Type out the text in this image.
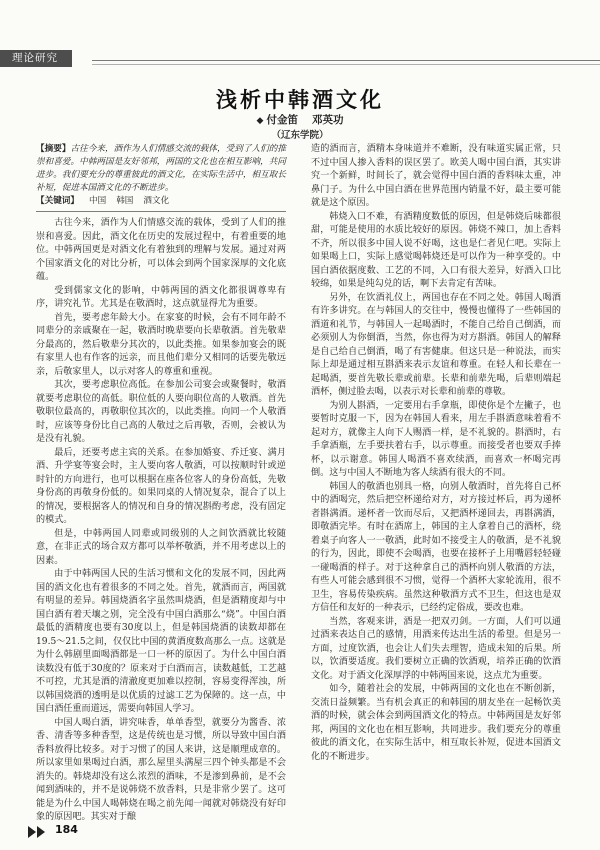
理论研究
浅析中韩酒文化
◆ 付金笛 邓英功
（辽东学院）

【摘要】古往今来，酒作为人们情感交流的载体，受到了人们的推崇和喜爱。中韩两国是友好邻邦，两国的文化也在相互影响，共同进步。我们要充分的尊重彼此的酒文化，在实际生活中，相互取长补短，促进本国酒文化的不断进步。

【关键词】 中国 韩国 酒文化

古往今来，酒作为人们情感交流的载体，受到了人们的推崇和喜爱。因此，酒文化在历史的发展过程中，有着重要的地位。中韩两国更是对酒文化有着独到的理解与发展。通过对两个国家酒文化的对比分析，可以体会到两个国家深厚的文化底蕴。

受到儒家文化的影响，中韩两国的酒文化都很调尊卑有序，讲究礼节。尤其是在敬酒时，这点就显得尤为重要。

首先，要考虑年龄大小。在家宴的时候，会有不同年龄不同辈分的亲戚聚在一起，敬酒时晚辈要向长辈敬酒。首先敬辈分最高的，然后敬辈分其次的，以此类推。如果参加宴会的既有家里人也有作客的远亲，而且他们辈分又相同的话要先敬远亲，后敬家里人，以示对客人的尊重和重视。

其次，要考虑职位高低。在参加公司宴会或聚餐时，敬酒就要考虑职位的高低。职位低的人要向职位高的人敬酒。首先敬职位最高的，再敬职位其次的，以此类推。向同一个人敬酒时，应该等身份比自己高的人敬过之后再敬，否则，会被认为是没有礼貌。

最后，还要考虑主宾的关系。在参加婚宴、乔迁宴、满月酒、升学宴等宴会时，主人要向客人敬酒，可以按顺时针或逆时针的方向进行，也可以根据在座各位客人的身份高低，先敬身份高的再敬身份低的。如果同桌的人情况复杂，混合了以上的情况，要根据客人的情况和自身的情况斟酌考虑，没有固定的模式。

但是，中韩两国人同辈或同级别的人之间饮酒就比较随意，在非正式的场合双方都可以举杯敬酒，并不用考虑以上的因素。

由于中韩两国人民的生活习惯和文化的发展不同，因此两国的酒文化也有着很多的不同之处。首先，就酒而言，两国就有明显的差异。韩国烧酒名字虽然叫烧酒，但是酒精度却与中国白酒有着天壤之别，完全没有中国白酒那么“烧”。中国白酒最低的酒精度也要有30度以上，但是韩国烧酒的读数却都在19.5～21.5之间，仅仅比中国的黄酒度数高那么一点。这就是为什么韩剧里面喝酒都是一口一杯的原因了。为什么中国白酒读数没有低于30度的？原来对于白酒而言，读数越低，工艺越不可控，尤其是酒的清澈度更加难以控制，容易变得浑浊，所以韩国烧酒的透明是以优质的过滤工艺为保障的。这一点，中国白酒任重而道远，需要向韩国人学习。

中国人喝白酒，讲究味香，单单香型，就要分为酱香、浓香、清香等多种香型，这是传统也是习惯，所以导致中国白酒香料放得比较多。对于习惯了的国人来讲，这是顺理成章的。所以家里如果喝过白酒，那么屋里头满屋三四个钟头都是不会消失的。韩烧却没有这么浓烈的酒味，不是渗到鼻前，是不会闻到酒味的，并不是说韩烧不放香料，只是非常少罢了。这可能是为什么中国人喝韩烧在喝之前先闻一闻就对韩烧没有好印象的原因吧。其实对于酿

造的酒而言，酒精本身味道并不难断，没有味道实属正常，只不过中国人掺入香料的误区罢了。欧美人喝中国白酒，其实讲究一个新鲜，时间长了，就会觉得中国白酒的香料味太重，冲鼻门子。为什么中国白酒在世界范围内销量不好，最主要可能就是这个原因。

韩烧入口不难，有酒精度数低的原因，但是韩烧后味都很甜，可能是使用的水质比较好的原因。韩烧不辣口，加上香料不齐，所以很多中国人说不好喝，这也是仁者见仁吧。实际上如果喝上口，实际上感觉喝韩烧还是可以作为一种享受的。中国白酒依据度数、工艺的不同，入口有很大差异，好酒入口比较绵，如果是纯勾兑的话，啊下去肯定有苦味。

另外，在饮酒礼仪上，两国也存在不同之处。韩国人喝酒有许多讲究。在与韩国人的交往中，慢慢也懂得了一些韩国的酒道和礼节，与韩国人一起喝酒时，不能自己给自己倒酒，而必须别人为你倒酒，当然，你也得为对方斟酒。韩国人的解释是自己给自己倒酒，喝了有害健康。但这只是一种说法，而实际上却是通过相互斟酒来表示友谊和尊重。在轻人和长辈在一起喝酒，要首先敬长辈或前辈。长辈和前辈先喝，后辈则端起酒杯，侧过脸去喝，以表示对长辈和前辈的尊敬。

为别人斟酒，一定要用右手拿瓶，即使你是个左撇子，也要暂时克服一下，因为在韩国人看来，用左手斟酒意味着看不起对方，就像主人向下人赐酒一样，是不礼貌的。斟酒时，右手拿酒瓶，左手要扶着右手，以示尊重。而接受者也要双手捧杯，以示谢意。韩国人喝酒不喜欢续酒，而喜欢一杯喝完再倒。这与中国人不断地为客人续酒有很大的不同。

韩国人的敬酒也别具一格，向别人敬酒时，首先将自己杯中的酒喝完，然后把空杯递给对方，对方接过杯后，再为递杯者斟满酒。递杯者一饮而尽后，又把酒杯递回去，再斟满酒，即敬酒完毕。有时在酒席上，韩国的主人拿着自己的酒杯，绕着桌子向客人一一敬酒，此时如不接受主人的敬酒，是不礼貌的行为，因此，即使不会喝酒，也要在接杯子上用嘴唇轻轻碰一碰喝酒的样子。对于这种拿自己的酒杯向别人敬酒的方法，有些人可能会感到很不习惯，觉得一个酒杯大家轮流用，很不卫生，容易传染疾病。虽然这种敬酒方式不卫生，但这也是双方信任和友好的一种表示，已经约定俗成，要改也难。

当然，客观来讲，酒是一把双刃剑。一方面，人们可以通过酒来表达自己的感情，用酒来传达出生活的希望。但是另一方面，过度饮酒，也会让人们失去理智，造成未知的后果。所以，饮酒要适度。我们要树立正确的饮酒观，培养正确的饮酒文化。对于酒文化深厚浮的中韩两国来说，这点尤为重要。

如今，随着社会的发展，中韩两国的文化也在不断创新，交流日益频繁。当有机会真正的和韩国的朋友坐在一起畅饮美酒的时候，就会体会到两国酒文化的特点。中韩两国是友好邻邦，两国的文化也在相互影响，共同进步。我们要充分的尊重彼此的酒文化，在实际生活中，相互取长补短，促进本国酒文化的不断进步。

184
